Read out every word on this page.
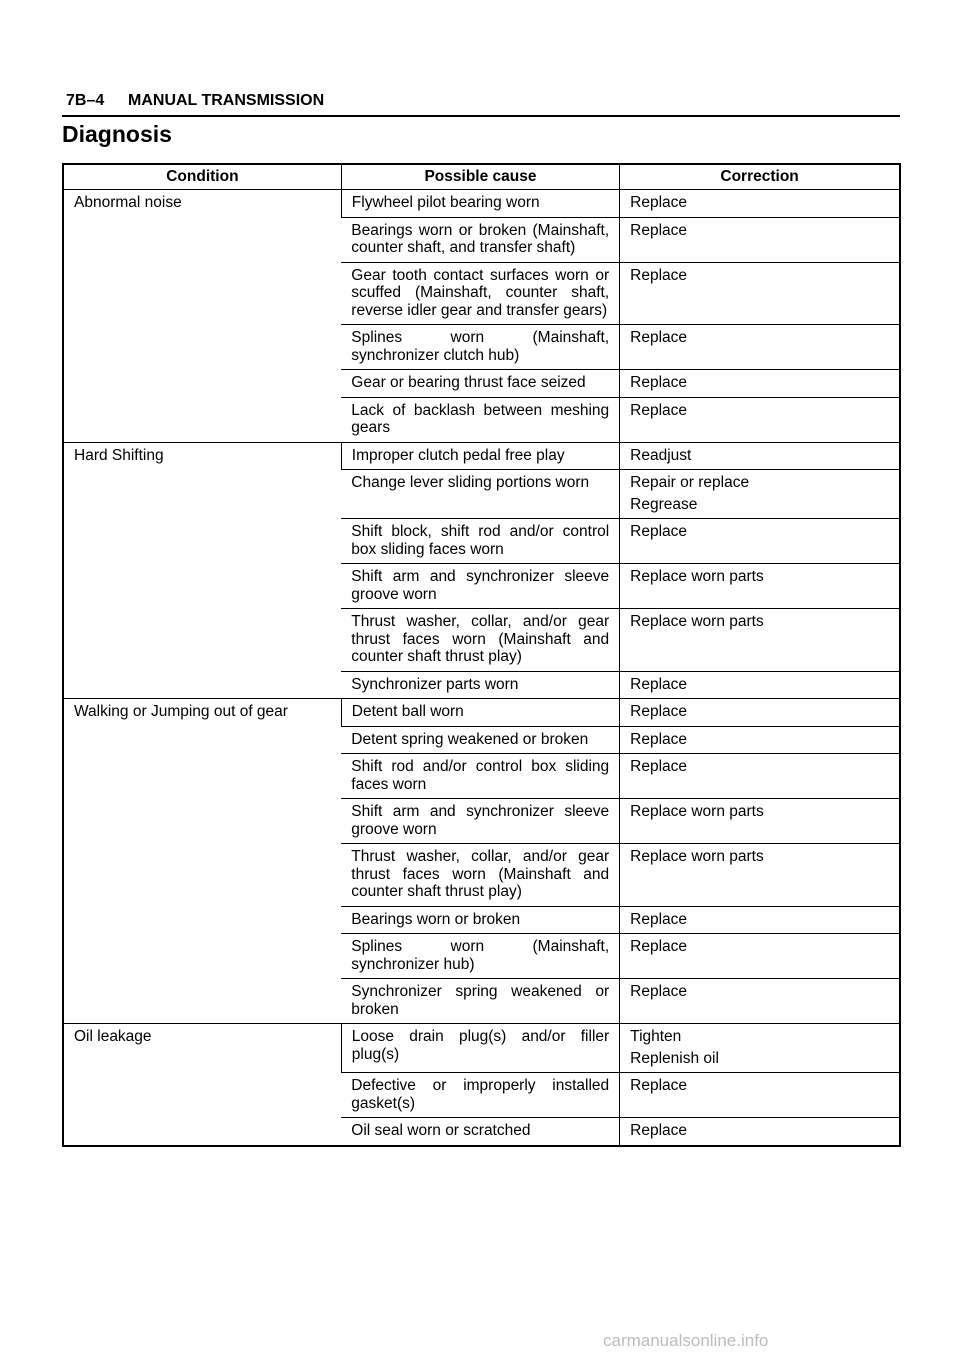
7B–4 MANUAL TRANSMISSION
Diagnosis
Condition	Possible cause	Correction
Abnormal noise	Flywheel pilot bearing worn	Replace

	Bearings worn or broken (Mainshaft, counter shaft, and transfer shaft)	Replace

	Gear tooth contact surfaces worn or scuffed (Mainshaft, counter shaft, reverse idler gear and transfer gears)	Replace

	Splines worn (Mainshaft, synchronizer clutch hub)	Replace

	Gear or bearing thrust face seized	Replace

	Lack of backlash between meshing gears	Replace

Hard Shifting	Improper clutch pedal free play	Readjust

	Change lever sliding portions worn	Repair or replace
Regrease

	Shift block, shift rod and/or control box sliding faces worn	Replace

	Shift arm and synchronizer sleeve groove worn	Replace worn parts

	Thrust washer, collar, and/or gear thrust faces worn (Mainshaft and counter shaft thrust play)	Replace worn parts

	Synchronizer parts worn	Replace

Walking or Jumping out of gear	Detent ball worn	Replace

	Detent spring weakened or broken	Replace

	Shift rod and/or control box sliding faces worn	Replace

	Shift arm and synchronizer sleeve groove worn	Replace worn parts

	Thrust washer, collar, and/or gear thrust faces worn (Mainshaft and counter shaft thrust play)	Replace worn parts

	Bearings worn or broken	Replace

	Splines worn (Mainshaft, synchronizer hub)	Replace

	Synchronizer spring weakened or broken	Replace

Oil leakage	Loose drain plug(s) and/or filler plug(s)	Tighten
Replenish oil

	Defective or improperly installed gasket(s)	Replace

	Oil seal worn or scratched	Replace
carmanualsonline.info
